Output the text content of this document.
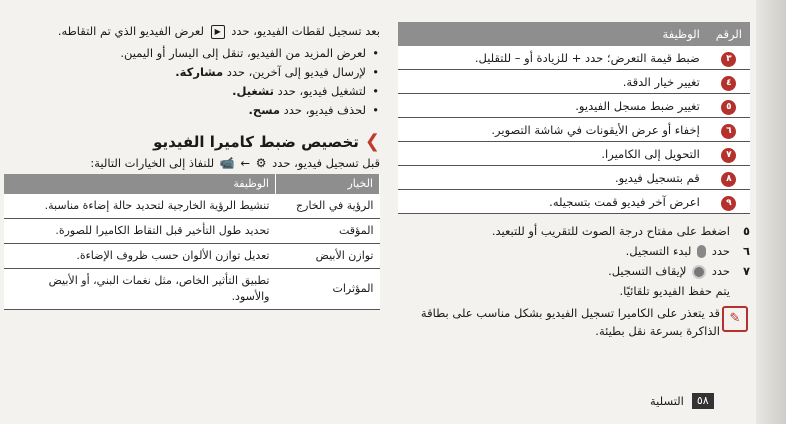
بعد تسجيل لقطات الفيديو، حدد ▶ لعرض الفيديو الذي تم التقاطه.

• لعرض المزيد من الفيديو، تنقل إلى اليسار أو اليمين.
• لإرسال فيديو إلى آخرين، حدد مشاركة.
• لتشغيل فيديو، حدد تشغيل.
• لحذف فيديو، حدد مسح.
❯
تخصيص ضبط كاميرا الفيديو
قبل تسجيل فيديو، حدد ⚙ ← 📹 للنفاذ إلى الخيارات التالية:
الخيار	الوظيفة
الرؤية في الخارج	تنشيط الرؤية الخارجية لتحديد حالة إضاءة مناسبة.
المؤقت	تحديد طول التأخير قبل التقاط الكاميرا للصورة.
توازن الأبيض	تعديل توازن الألوان حسب ظروف الإضاءة.
المؤثرات	تطبيق التأثير الخاص، مثل نغمات البني، أو الأبيض والأسود.
الرقم	الوظيفة
٣	ضبط قيمة التعرض؛ حدد + للزيادة أو – للتقليل.
٤	تغيير خيار الدقة.
٥	تغيير ضبط مسجل الفيديو.
٦	إخفاء أو عرض الأيقونات في شاشة التصوير.
٧	التحويل إلى الكاميرا.
٨	قم بتسجيل فيديو.
٩	اعرض آخر فيديو قمت بتسجيله.
٥
اضغط على مفتاح درجة الصوت للتقريب أو للتبعيد.
٦
حدد  لبدء التسجيل.
٧
حدد  لإيقاف التسجيل.
يتم حفظ الفيديو تلقائيًا.
✎
قد يتعذر على الكاميرا تسجيل الفيديو بشكل مناسب على بطاقة الذاكرة بسرعة نقل بطيئة.
٥٨
التسلية
